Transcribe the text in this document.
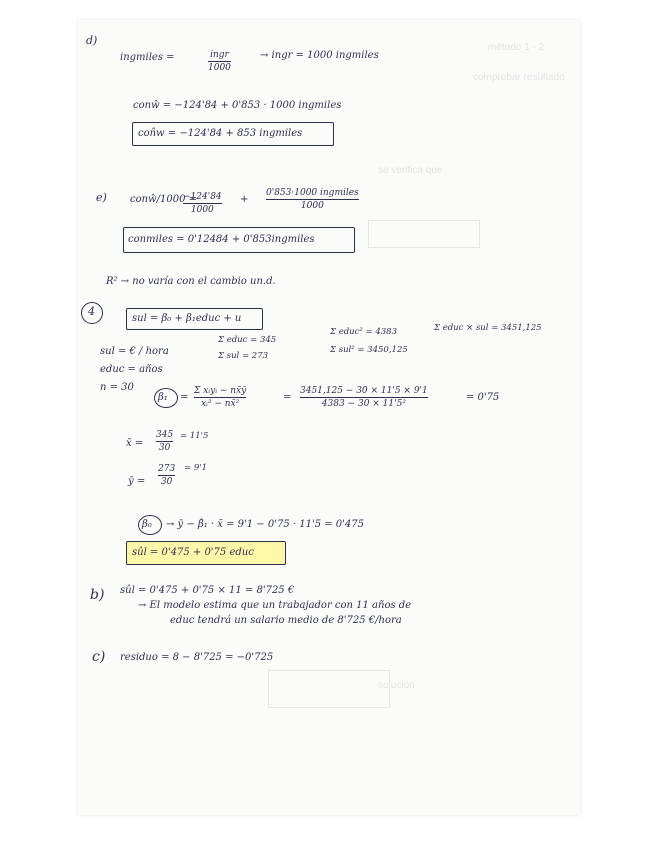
método 1 · 2
comprobar resultado
se verifica que
solución
d)
ingmiles =	ingr
1000
→ ingr = 1000 ingmiles
conŵ = −124'84 + 0'853 · 1000 ingmiles
con̂w = −124'84 + 853 ingmiles
e) conŵ/1000 =
−124'84
1000
+
0'853·1000 ingmiles
1000
conmiles = 0'12484 + 0'853ingmiles
R² → no varía con el cambio un.d.
4
sul = β₀ + β₁educ + u
Σ educ = 345
Σ educ² = 4383	Σ educ × sul = 3451,125
sul = € / hora	Σ sul = 273
Σ sul² = 3450,125
educ = años
n = 30
β₁ =
Σ xᵢyᵢ − nx̄ȳ
xᵢ² − nx̄²
=
3451,125 − 30 × 11'5 × 9'1
4383 − 30 × 11'5²
= 0'75
x̄ =
345
30
= 11'5
ȳ =
273
30
= 9'1
β₀ → ȳ − β̂₁ · x̄ = 9'1 − 0'75 · 11'5 = 0'475
sûl = 0'475 + 0'75 educ
b) sûl = 0'475 + 0'75 × 11 = 8'725 €
→ El modelo estima que un trabajador con 11 años de
educ tendrá un salario medio de 8'725 €/hora
c) residuo = 8 − 8'725 = −0'725
